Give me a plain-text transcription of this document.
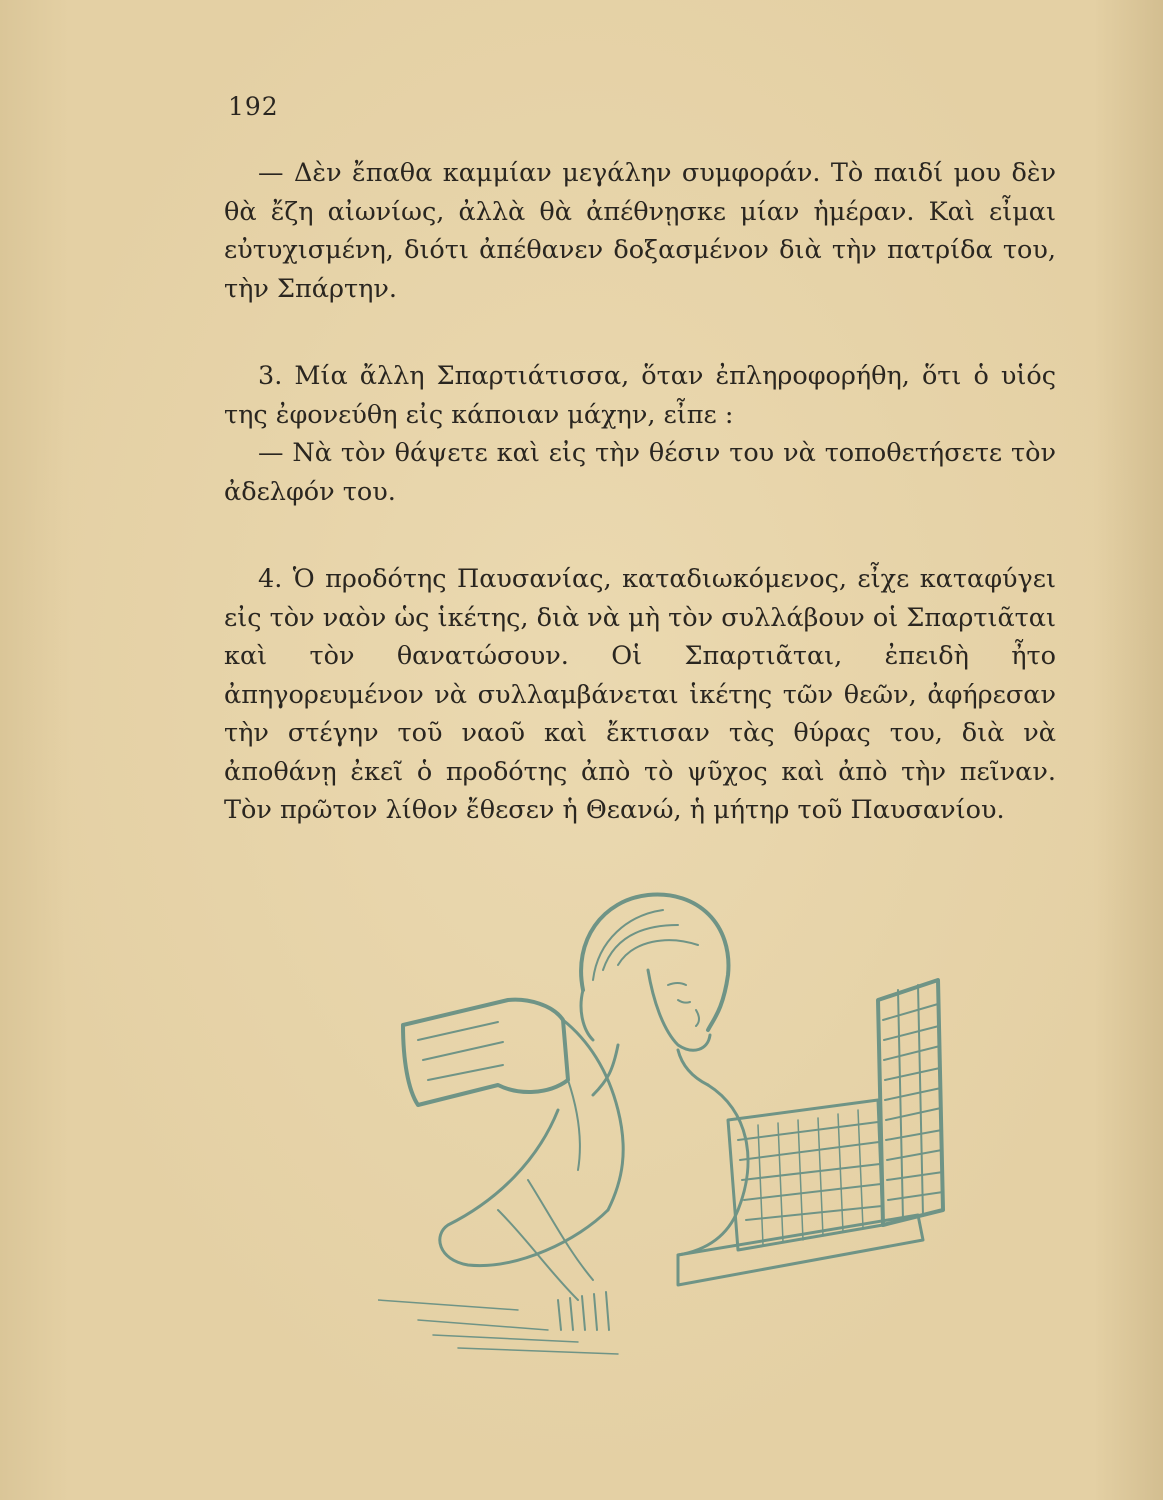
192

— Δὲν ἔπαθα καμμίαν μεγάλην συμφοράν. Τὸ παιδί μου δὲν θὰ ἔζη αἰωνίως, ἀλλὰ θὰ ἀπέθνῃσκε μίαν ἡμέραν. Καὶ εἶμαι εὐτυχισμένη, διότι ἀπέθανεν δοξασμένον διὰ τὴν πατρίδα του, τὴν Σπάρτην.

3. Μία ἄλλη Σπαρτιάτισσα, ὅταν ἐπληροφορήθη, ὅτι ὁ υἱός της ἐφονεύθη εἰς κάποιαν μάχην, εἶπε :

— Νὰ τὸν θάψετε καὶ εἰς τὴν θέσιν του νὰ τοποθετήσετε τὸν ἀδελφόν του.

4. Ὁ προδότης Παυσανίας, καταδιωκόμενος, εἶχε καταφύγει εἰς τὸν ναὸν ὡς ἱκέτης, διὰ νὰ μὴ τὸν συλλάβουν οἱ Σπαρτιᾶται καὶ τὸν θανατώσουν. Οἱ Σπαρτιᾶται, ἐπειδὴ ἦτο ἀπηγορευμένον νὰ συλλαμβάνεται ἱκέτης τῶν θεῶν, ἀφήρεσαν τὴν στέγην τοῦ ναοῦ καὶ ἔκτισαν τὰς θύρας του, διὰ νὰ ἀποθάνῃ ἐκεῖ ὁ προδότης ἀπὸ τὸ ψῦχος καὶ ἀπὸ τὴν πεῖναν. Τὸν πρῶτον λίθον ἔθεσεν ἡ Θεανώ, ἡ μήτηρ τοῦ Παυσανίου.
